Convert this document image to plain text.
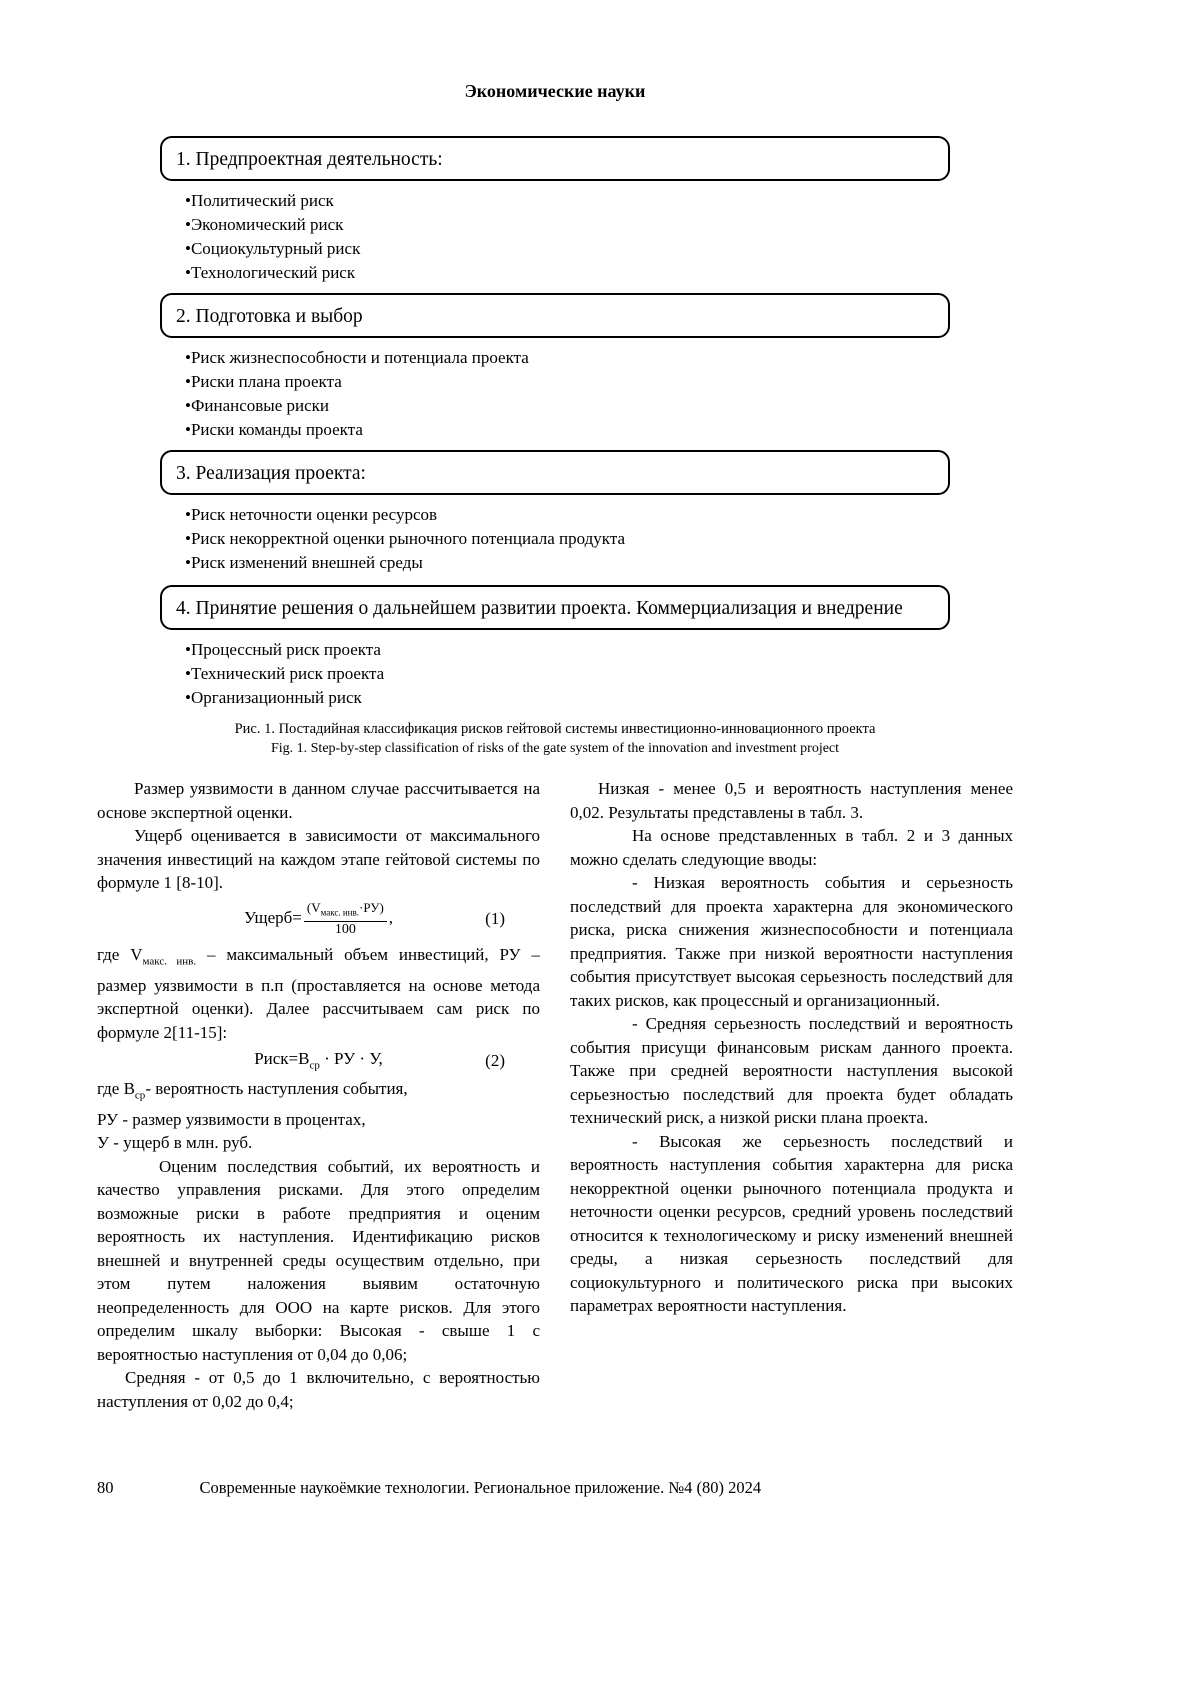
Экономические науки
1. Предпроектная деятельность:
• Политический риск
• Экономический риск
• Социокультурный риск
• Технологический риск
2. Подготовка и выбор
• Риск жизнеспособности и потенциала проекта
• Риски плана проекта
• Финансовые риски
• Риски команды проекта
3. Реализация проекта:
• Риск неточности оценки ресурсов
• Риск некорректной оценки рыночного потенциала продукта
• Риск изменений внешней среды
4. Принятие решения о дальнейшем развитии проекта. Коммерциализация и внедрение
• Процессный риск проекта
• Технический риск проекта
• Организационный риск
Рис. 1. Постадийная классификация рисков гейтовой системы инвестиционно-инновационного проекта
Fig. 1. Step-by-step classification of risks of the gate system of the innovation and investment project

Размер уязвимости в данном случае рассчитывается на основе экспертной оценки.

Ущерб оценивается в зависимости от максимального значения инвестиций на каждом этапе гейтовой системы по формуле 1 [8-10].

Ущерб= $\frac{(V_{макс. инв.}\cdot РУ)}{100}$ ,	(1)

где $V_{макс. инв.}$ – максимальный объем инвестиций, РУ – размер уязвимости в п.п (проставляется на основе метода экспертной оценки). Далее рассчитываем сам риск по формуле 2[11-15]:

$Риск=В_{ср}$ · РУ · У,	(2)

где $В_{ср}-$ вероятность наступления события,

РУ - размер уязвимости в процентах,

У - ущерб в млн. руб.

Оценим последствия событий, их вероятность и качество управления рисками. Для этого определим возможные риски в работе предприятия и оценим вероятность их наступления. Идентификацию рисков внешней и внутренней среды осуществим отдельно, при этом путем наложения выявим остаточную неопределенность для ООО на карте рисков. Для этого определим шкалу выборки: Высокая - свыше 1 с вероятностью наступления от 0,04 до 0,06;

Средняя - от 0,5 до 1 включительно, с вероятностью наступления от 0,02 до 0,4;

Низкая - менее 0,5 и вероятность наступления менее 0,02. Результаты представлены в табл. 3.

На основе представленных в табл. 2 и 3 данных можно сделать следующие вводы:

- Низкая вероятность события и серьезность последствий для проекта характерна для экономического риска, риска снижения жизнеспособности и потенциала предприятия. Также при низкой вероятности наступления события присутствует высокая серьезность последствий для таких рисков, как процессный и организационный.

- Средняя серьезность последствий и вероятность события присущи финансовым рискам данного проекта. Также при средней вероятности наступления высокой серьезностью последствий для проекта будет обладать технический риск, а низкой риски плана проекта.

- Высокая же серьезность последствий и вероятность наступления события характерна для риска некорректной оценки рыночного потенциала продукта и неточности оценки ресурсов, средний уровень последствий относится к технологическому и риску изменений внешней среды, а низкая серьезность последствий для социокультурного и политического риска при высоких параметрах вероятности наступления.

80	Современные наукоёмкие технологии. Региональное приложение. №4 (80) 2024
